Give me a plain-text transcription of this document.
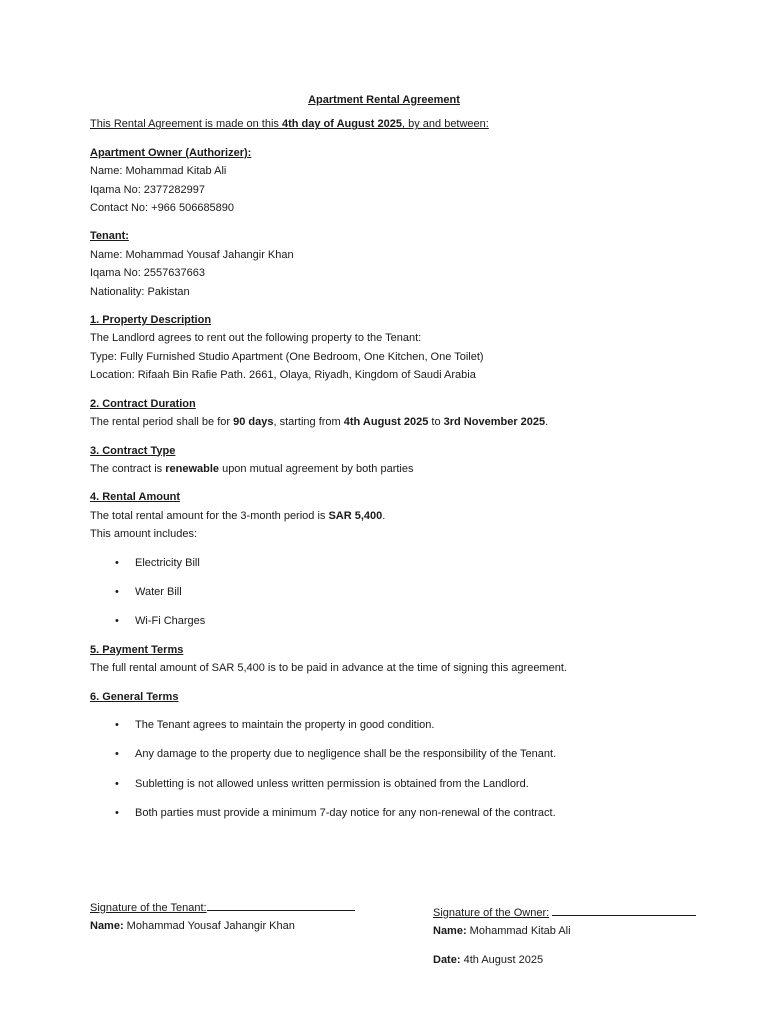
Apartment Rental Agreement
This Rental Agreement is made on this 4th day of August 2025, by and between:
Apartment Owner (Authorizer):
Name: Mohammad Kitab Ali
Iqama No: 2377282997
Contact No: +966 506685890
Tenant:
Name: Mohammad Yousaf Jahangir Khan
Iqama No: 2557637663
Nationality: Pakistan
1. Property Description
The Landlord agrees to rent out the following property to the Tenant:
Type: Fully Furnished Studio Apartment (One Bedroom, One Kitchen, One Toilet)
Location: Rifaah Bin Rafie Path. 2661, Olaya, Riyadh, Kingdom of Saudi Arabia
2. Contract Duration
The rental period shall be for 90 days, starting from 4th August 2025 to 3rd November 2025.
3. Contract Type
The contract is renewable upon mutual agreement by both parties
4. Rental Amount
The total rental amount for the 3-month period is SAR 5,400.
This amount includes:
• Electricity Bill
• Water Bill
• Wi-Fi Charges
5. Payment Terms
The full rental amount of SAR 5,400 is to be paid in advance at the time of signing this agreement.
6. General Terms
• The Tenant agrees to maintain the property in good condition.
• Any damage to the property due to negligence shall be the responsibility of the Tenant.
• Subletting is not allowed unless written permission is obtained from the Landlord.
• Both parties must provide a minimum 7-day notice for any non-renewal of the contract.
Signature of the Tenant:
Name: Mohammad Yousaf Jahangir Khan
Signature of the Owner:
Name: Mohammad Kitab Ali
Date: 4th August 2025
